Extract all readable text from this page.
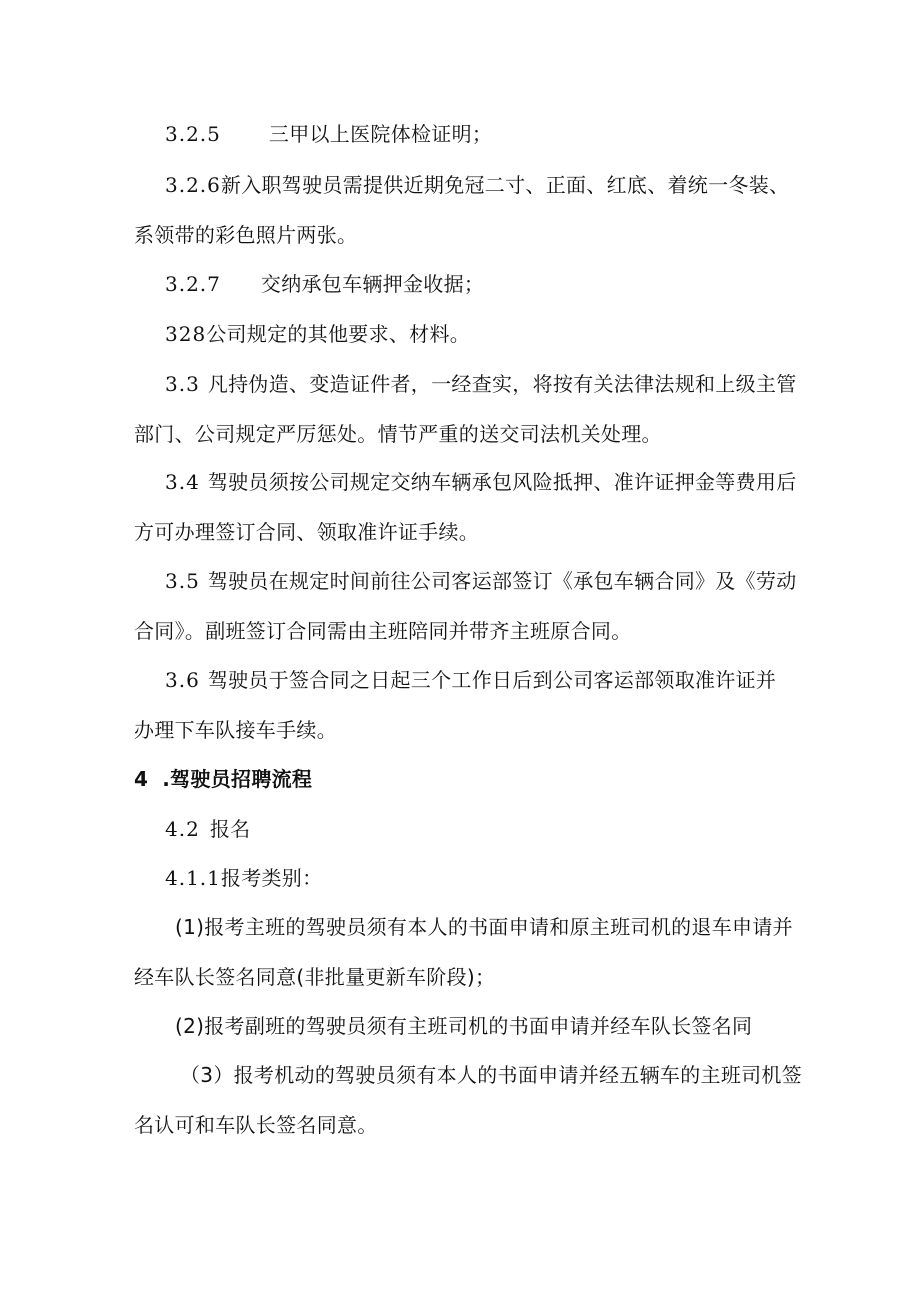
3.2.5 三甲以上医院体检证明；
3.2.6新入职驾驶员需提供近期免冠二寸、正面、红底、着统一冬装、
系领带的彩色照片两张。
3.2.7 交纳承包车辆押金收据；
328公司规定的其他要求、材料。
3.3 凡持伪造、变造证件者，一经查实，将按有关法律法规和上级主管
部门、公司规定严厉惩处。情节严重的送交司法机关处理。
3.4 驾驶员须按公司规定交纳车辆承包风险抵押、准许证押金等费用后
方可办理签订合同、领取准许证手续。
3.5 驾驶员在规定时间前往公司客运部签订《承包车辆合同》及《劳动
合同》。副班签订合同需由主班陪同并带齐主班原合同。
3.6 驾驶员于签合同之日起三个工作日后到公司客运部领取准许证并
办理下车队接车手续。
4 .驾驶员招聘流程
4.2 报名
4.1.1报考类别：
(1)报考主班的驾驶员须有本人的书面申请和原主班司机的退车申请并
经车队长签名同意(非批量更新车阶段)；
(2)报考副班的驾驶员须有主班司机的书面申请并经车队长签名同
（3）报考机动的驾驶员须有本人的书面申请并经五辆车的主班司机签
名认可和车队长签名同意。
